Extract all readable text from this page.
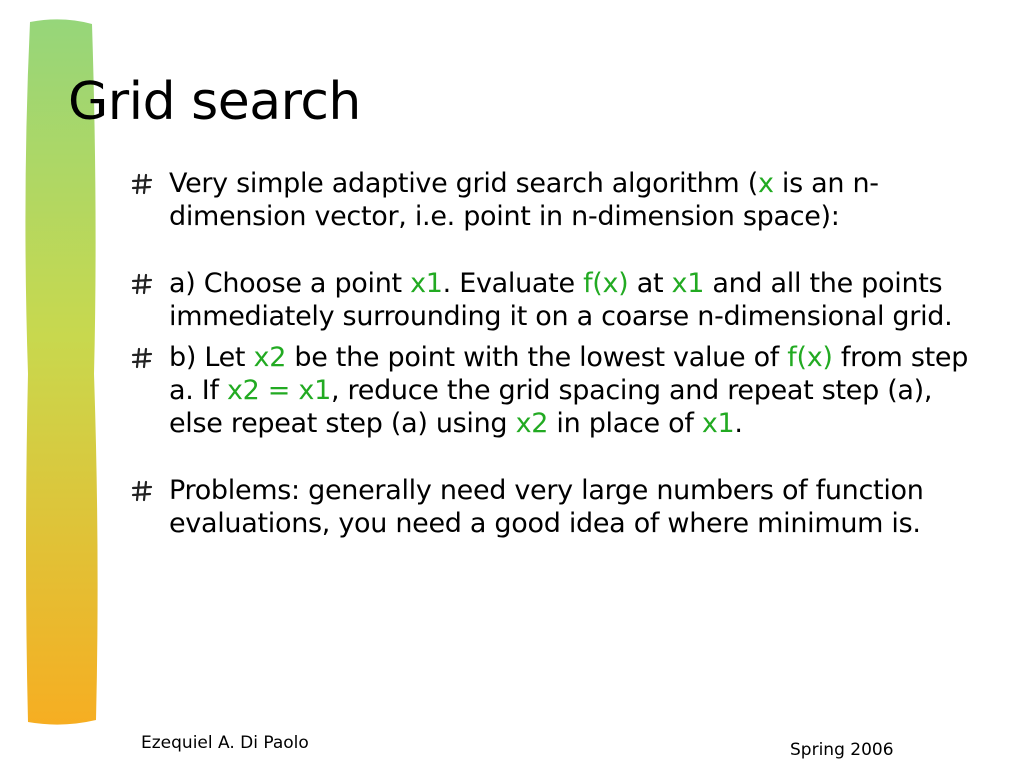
Grid search
Very simple adaptive grid search algorithm (x is an n-dimension vector, i.e. point in n-dimension space):
a) Choose a point x1. Evaluate f(x) at x1 and all the points immediately surrounding it on a coarse n-dimensional grid.
b) Let x2 be the point with the lowest value of f(x) from step a. If x2 = x1, reduce the grid spacing and repeat step (a), else repeat step (a) using x2 in place of x1.
Problems: generally need very large numbers of function evaluations, you need a good idea of where minimum is.
Ezequiel A. Di Paolo	Spring 2006
